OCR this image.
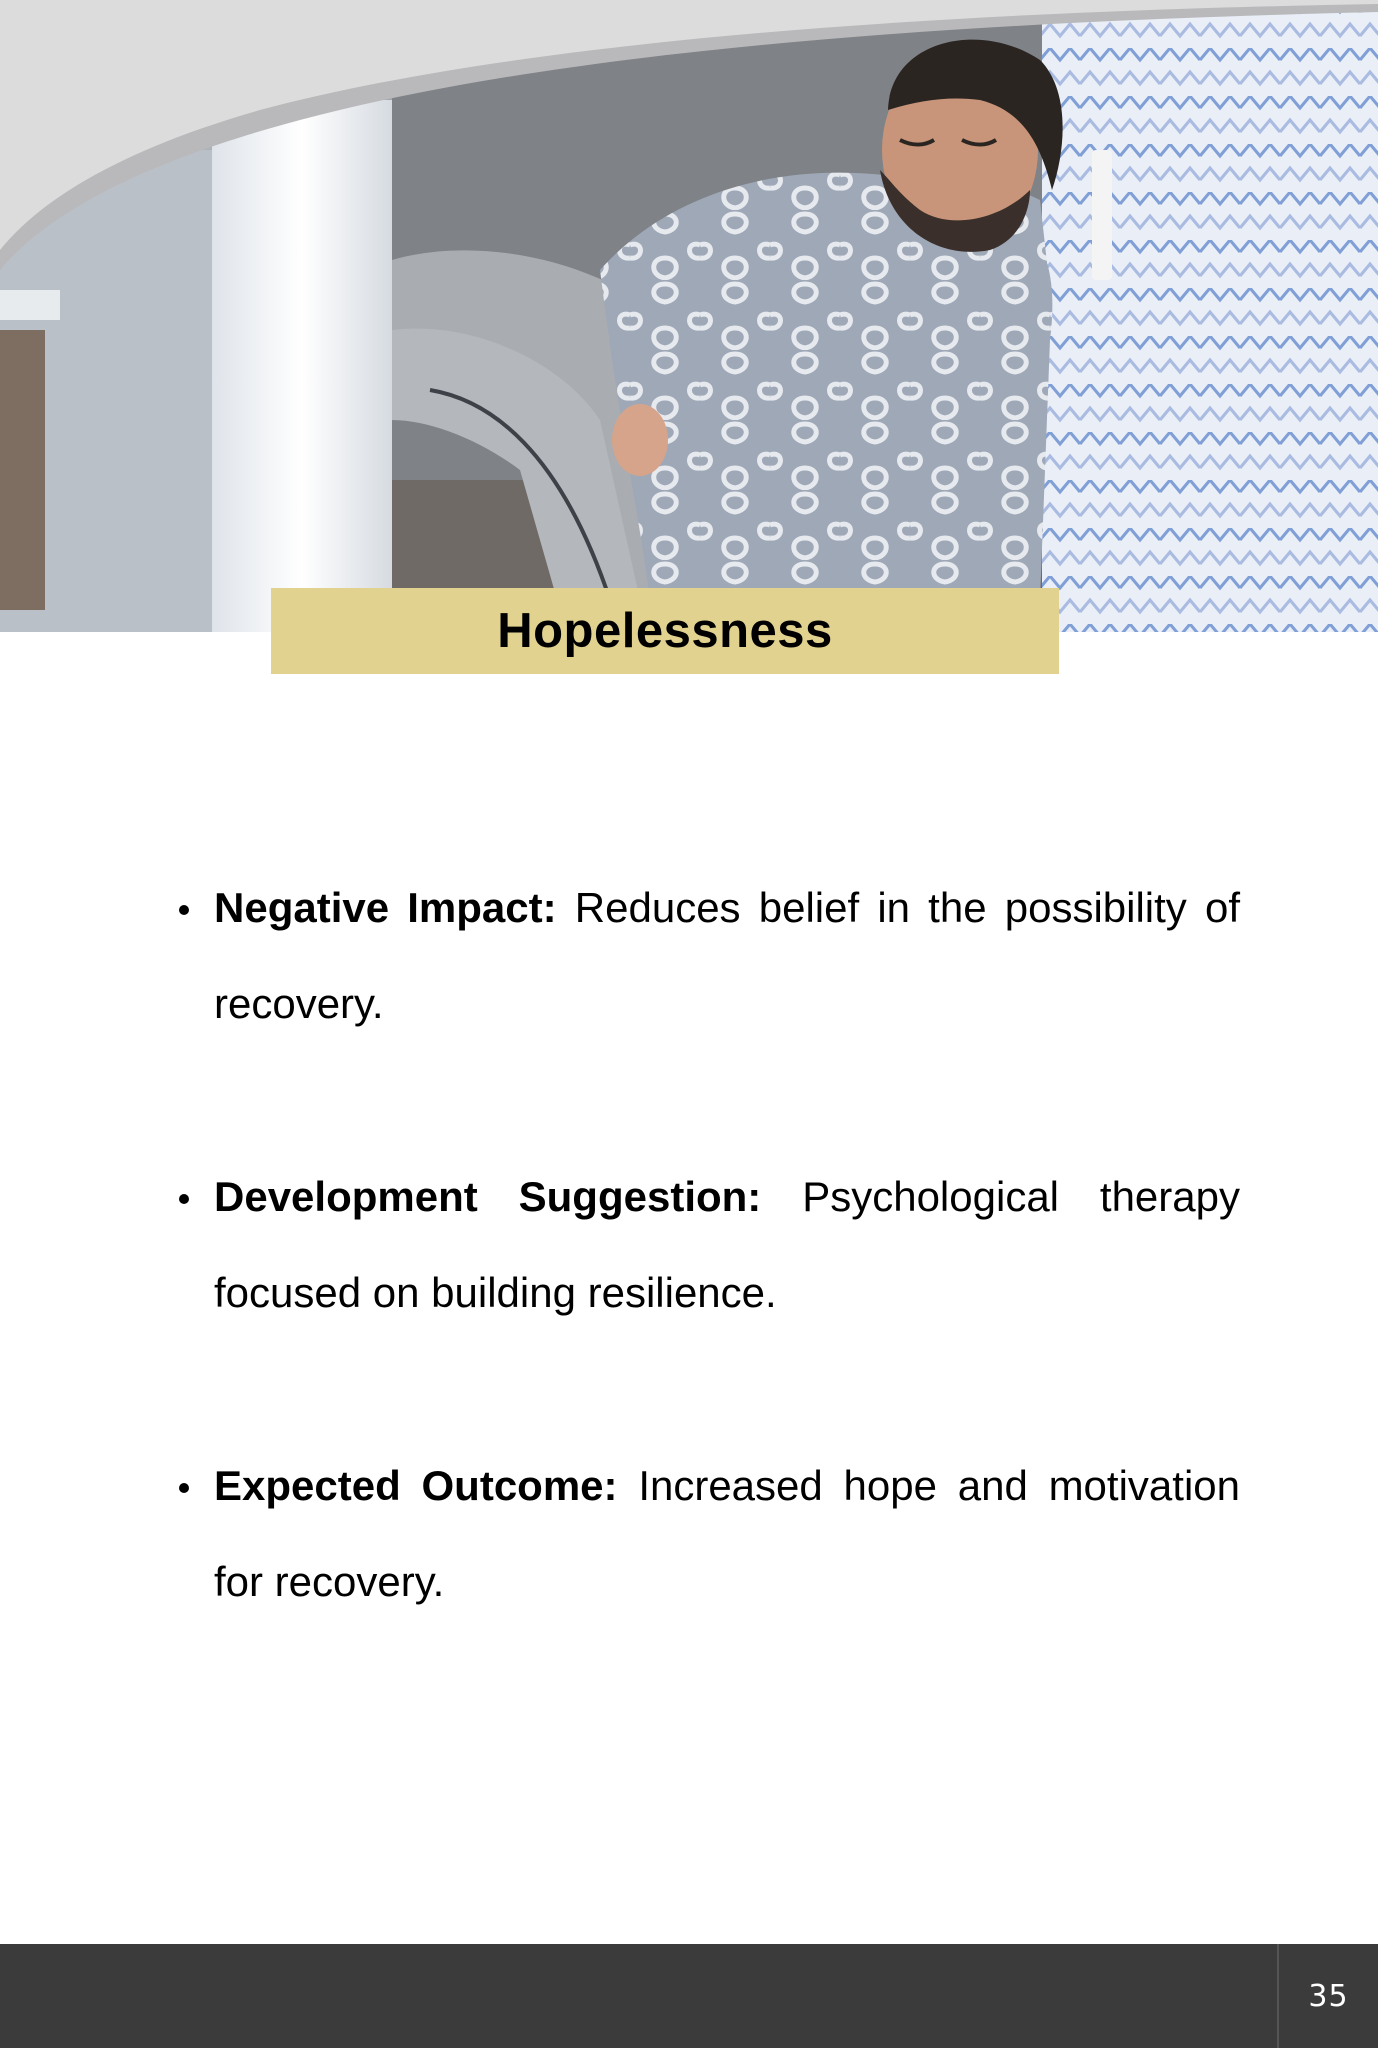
Hopelessness
Negative Impact: Reduces belief in the possibility of recovery.
Development Suggestion: Psychological therapy focused on building resilience.
Expected Outcome: Increased hope and motivation for recovery.
35
